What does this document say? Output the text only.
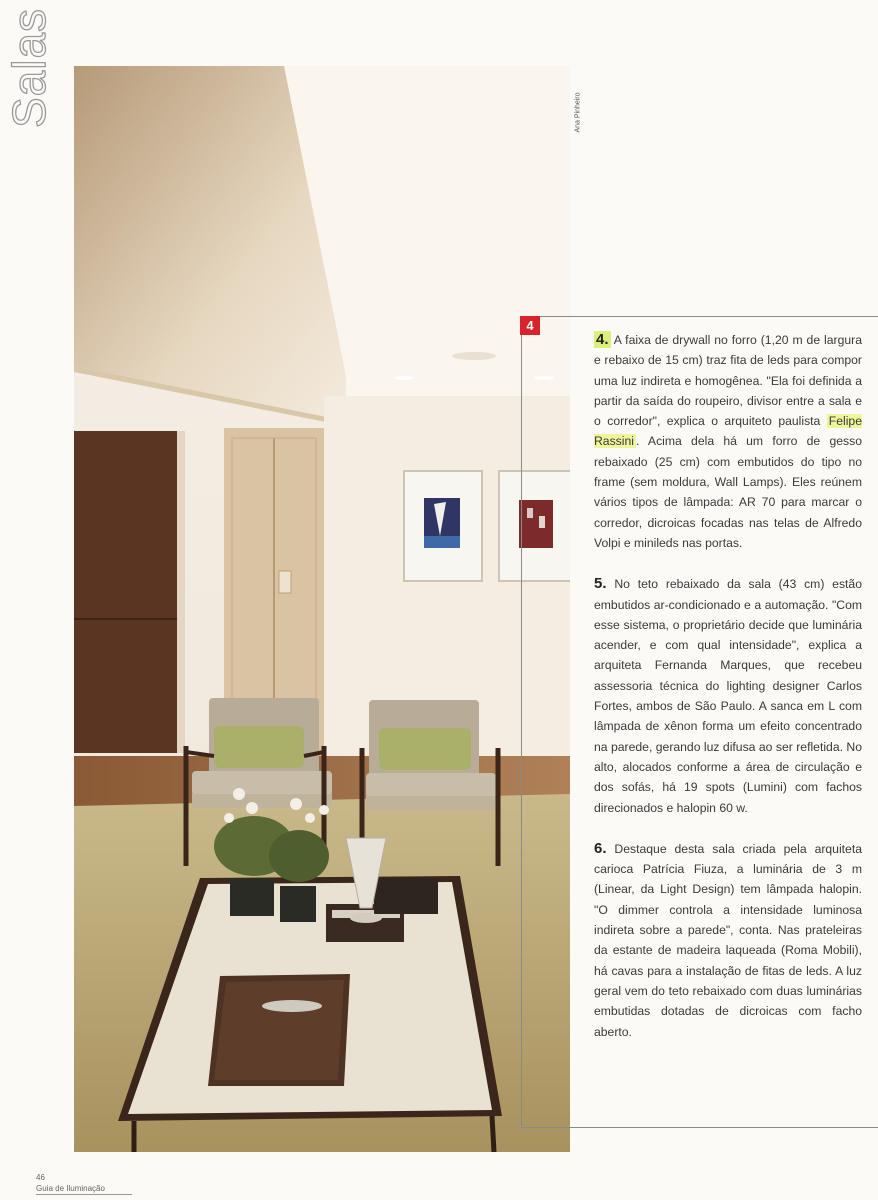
Salas	Ana Pinheiro
4

4. A faixa de drywall no forro (1,20 m de largura e rebaixo de 15 cm) traz fita de leds para compor uma luz indireta e homogênea. "Ela foi definida a partir da saída do roupeiro, divisor entre a sala e o corredor", explica o arquiteto paulista Felipe Rassini . Acima dela há um forro de gesso rebaixado (25 cm) com embutidos do tipo no frame (sem moldura, Wall Lamps). Eles reúnem vários tipos de lâmpada: AR 70 para marcar o corredor, dicroicas focadas nas telas de Alfredo Volpi e minileds nas portas.

5. No teto rebaixado da sala (43 cm) estão embutidos ar-condicionado e a automação. "Com esse sistema, o proprietário decide que luminária acender, e com qual intensidade", explica a arquiteta Fernanda Marques, que recebeu assessoria técnica do lighting designer Carlos Fortes, ambos de São Paulo. A sanca em L com lâmpada de xênon forma um efeito concentrado na parede, gerando luz difusa ao ser refletida. No alto, alocados conforme a área de circulação e dos sofás, há 19 spots (Lumini) com fachos direcionados e halopin 60 w.

6. Destaque desta sala criada pela arquiteta carioca Patrícia Fiuza, a luminária de 3 m (Linear, da Light Design) tem lâmpada halopin. "O dimmer controla a intensidade luminosa indireta sobre a parede", conta. Nas prateleiras da estante de madeira laqueada (Roma Mobili), há cavas para a instalação de fitas de leds. A luz geral vem do teto rebaixado com duas luminárias embutidas dotadas de dicroicas com facho aberto.

46
Guia de Iluminação
